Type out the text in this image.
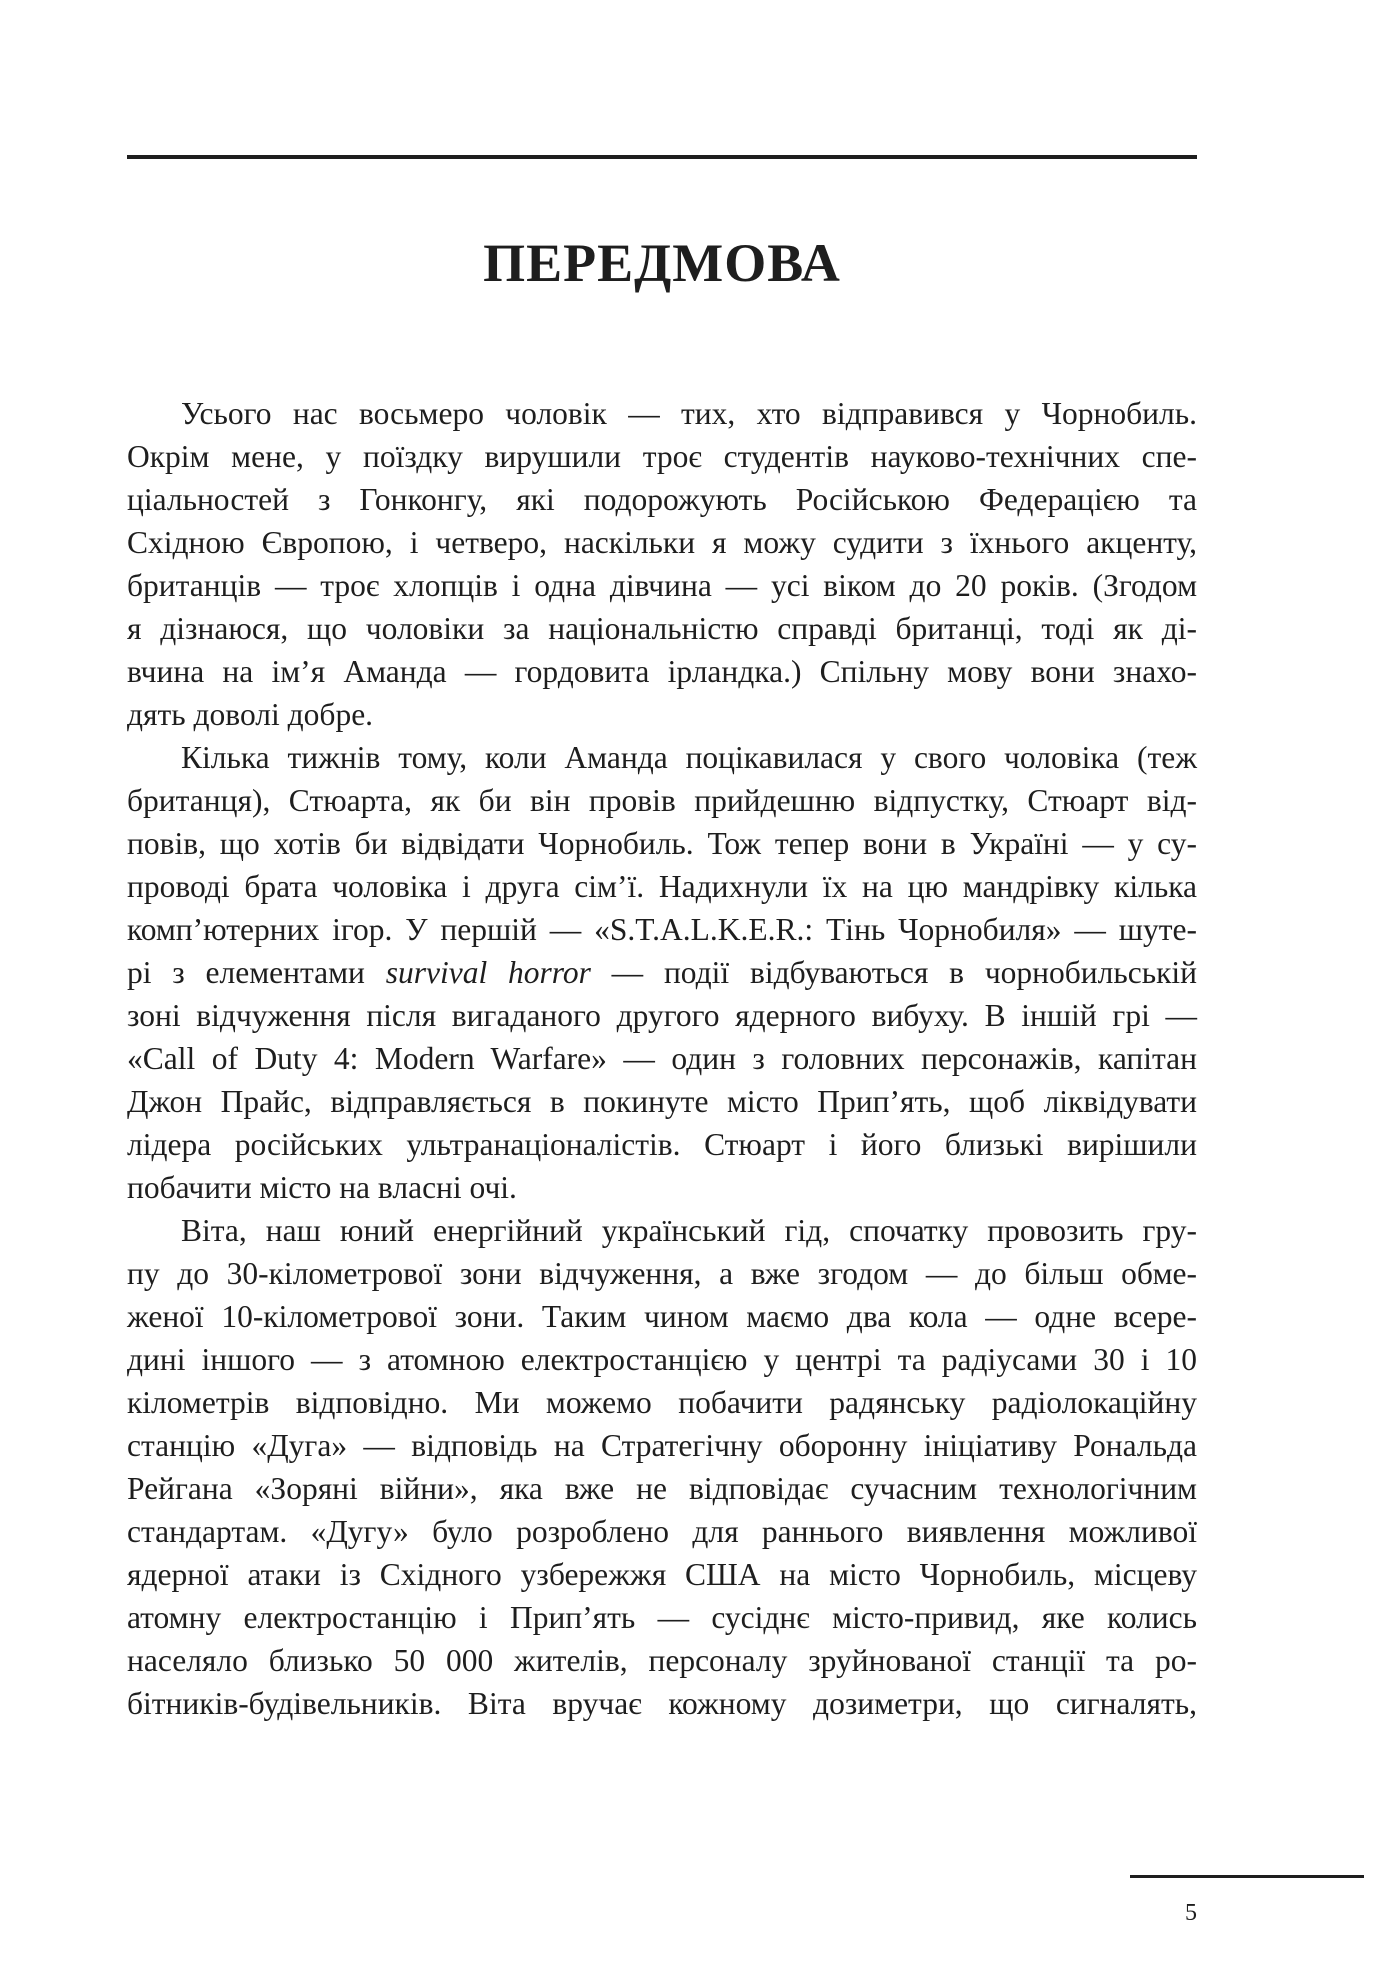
ПЕРЕДМОВА
Усього нас восьмеро чоловік — тих, хто відправився у Чорнобиль.
Окрім мене, у поїздку вирушили троє студентів науково-технічних спе-
ціальностей з Гонконгу, які подорожують Російською Федерацією та
Східною Європою, і четверо, наскільки я можу судити з їхнього акценту,
британців — троє хлопців і одна дівчина — усі віком до 20 років. (Згодом
я дізнаюся, що чоловіки за національністю справді британці, тоді як ді-
вчина на ім’я Аманда — гордовита ірландка.) Спільну мову вони знахо-
дять доволі добре.
Кілька тижнів тому, коли Аманда поцікавилася у свого чоловіка (теж
британця), Стюарта, як би він провів прийдешню відпустку, Стюарт від-
повів, що хотів би відвідати Чорнобиль. Тож тепер вони в Україні — у су-
проводі брата чоловіка і друга сім’ї. Надихнули їх на цю мандрівку кілька
комп’ютерних ігор. У першій — «S.T.A.L.K.E.R.: Тінь Чорнобиля» — шуте-
рі з елементами survival horror — події відбуваються в чорнобильській
зоні відчуження після вигаданого другого ядерного вибуху. В іншій грі —
«Call of Duty 4: Modern Warfare» — один з головних персонажів, капітан
Джон Прайс, відправляється в покинуте місто Прип’ять, щоб ліквідувати
лідера російських ультранаціоналістів. Стюарт і його близькі вирішили
побачити місто на власні очі.
Віта, наш юний енергійний український гід, спочатку провозить гру-
пу до 30-кілометрової зони відчуження, а вже згодом — до більш обме-
женої 10-кілометрової зони. Таким чином маємо два кола — одне всере-
дині іншого — з атомною електростанцією у центрі та радіусами 30 і 10
кілометрів відповідно. Ми можемо побачити радянську радіолокаційну
станцію «Дуга» — відповідь на Стратегічну оборонну ініціативу Рональда
Рейгана «Зоряні війни», яка вже не відповідає сучасним технологічним
стандартам. «Дугу» було розроблено для раннього виявлення можливої
ядерної атаки із Східного узбережжя США на місто Чорнобиль, місцеву
атомну електростанцію і Прип’ять — сусіднє місто-привид, яке колись
населяло близько 50 000 жителів, персоналу зруйнованої станції та ро-
бітників-будівельників. Віта вручає кожному дозиметри, що сигналять,
5
